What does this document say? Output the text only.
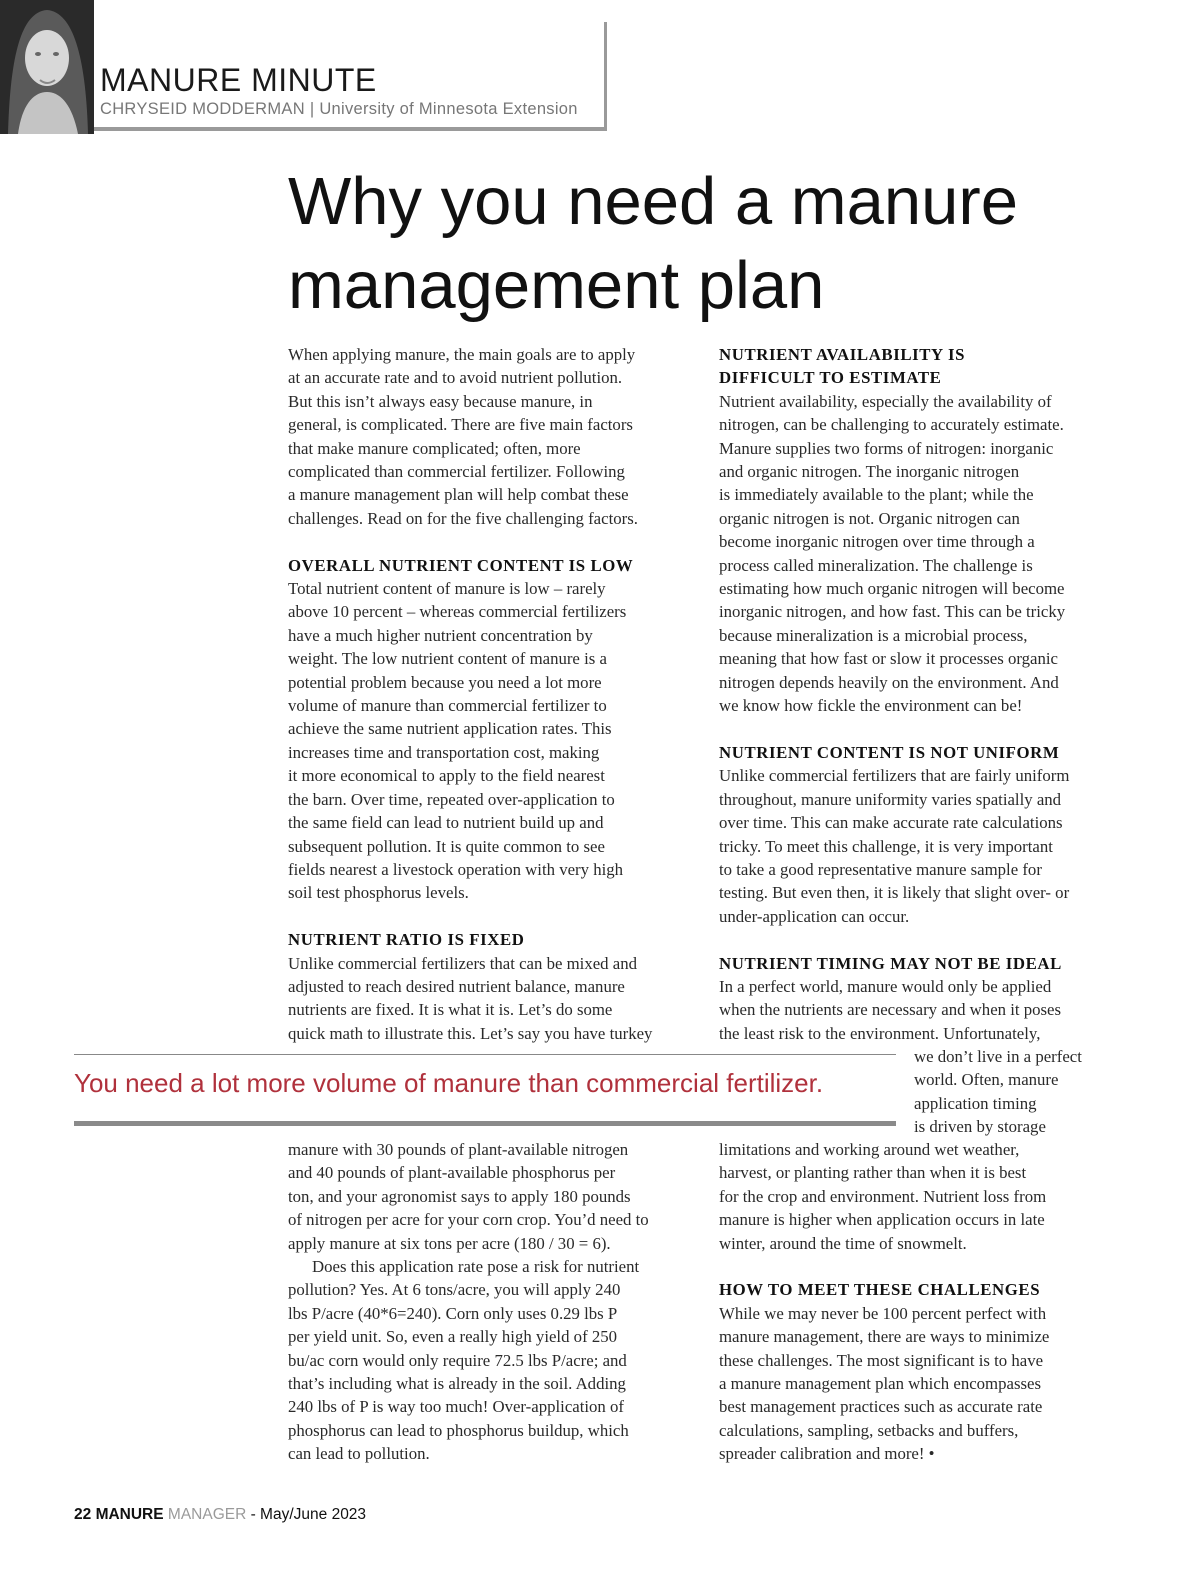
MANURE MINUTE
CHRYSEID MODDERMAN | University of Minnesota Extension
Why you need a manure
management plan
When applying manure, the main goals are to apply
at an accurate rate and to avoid nutrient pollution.
But this isn’t always easy because manure, in
general, is complicated. There are five main factors
that make manure complicated; often, more
complicated than commercial fertilizer. Following
a manure management plan will help combat these
challenges. Read on for the five challenging factors.
OVERALL NUTRIENT CONTENT IS LOW
Total nutrient content of manure is low – rarely
above 10 percent – whereas commercial fertilizers
have a much higher nutrient concentration by
weight. The low nutrient content of manure is a
potential problem because you need a lot more
volume of manure than commercial fertilizer to
achieve the same nutrient application rates. This
increases time and transportation cost, making
it more economical to apply to the field nearest
the barn. Over time, repeated over-application to
the same field can lead to nutrient build up and
subsequent pollution. It is quite common to see
fields nearest a livestock operation with very high
soil test phosphorus levels.
NUTRIENT RATIO IS FIXED
Unlike commercial fertilizers that can be mixed and
adjusted to reach desired nutrient balance, manure
nutrients are fixed. It is what it is. Let’s do some
quick math to illustrate this. Let’s say you have turkey
NUTRIENT AVAILABILITY IS
DIFFICULT TO ESTIMATE
Nutrient availability, especially the availability of
nitrogen, can be challenging to accurately estimate.
Manure supplies two forms of nitrogen: inorganic
and organic nitrogen. The inorganic nitrogen
is immediately available to the plant; while the
organic nitrogen is not. Organic nitrogen can
become inorganic nitrogen over time through a
process called mineralization. The challenge is
estimating how much organic nitrogen will become
inorganic nitrogen, and how fast. This can be tricky
because mineralization is a microbial process,
meaning that how fast or slow it processes organic
nitrogen depends heavily on the environment. And
we know how fickle the environment can be!
NUTRIENT CONTENT IS NOT UNIFORM
Unlike commercial fertilizers that are fairly uniform
throughout, manure uniformity varies spatially and
over time. This can make accurate rate calculations
tricky. To meet this challenge, it is very important
to take a good representative manure sample for
testing. But even then, it is likely that slight over- or
under-application can occur.
NUTRIENT TIMING MAY NOT BE IDEAL
In a perfect world, manure would only be applied
when the nutrients are necessary and when it poses
the least risk to the environment. Unfortunately,
we don’t live in a perfect
world. Often, manure
application timing
is driven by storage
You need a lot more volume of manure than commercial fertilizer.
manure with 30 pounds of plant-available nitrogen
and 40 pounds of plant-available phosphorus per
ton, and your agronomist says to apply 180 pounds
of nitrogen per acre for your corn crop. You’d need to
apply manure at six tons per acre (180 / 30 = 6).
Does this application rate pose a risk for nutrient
pollution? Yes. At 6 tons/acre, you will apply 240
lbs P/acre (40*6=240). Corn only uses 0.29 lbs P
per yield unit. So, even a really high yield of 250
bu/ac corn would only require 72.5 lbs P/acre; and
that’s including what is already in the soil. Adding
240 lbs of P is way too much! Over-application of
phosphorus can lead to phosphorus buildup, which
can lead to pollution.
limitations and working around wet weather,
harvest, or planting rather than when it is best
for the crop and environment. Nutrient loss from
manure is higher when application occurs in late
winter, around the time of snowmelt.
HOW TO MEET THESE CHALLENGES
While we may never be 100 percent perfect with
manure management, there are ways to minimize
these challenges. The most significant is to have
a manure management plan which encompasses
best management practices such as accurate rate
calculations, sampling, setbacks and buffers,
spreader calibration and more! •
22 MANURE MANAGER - May/June 2023
